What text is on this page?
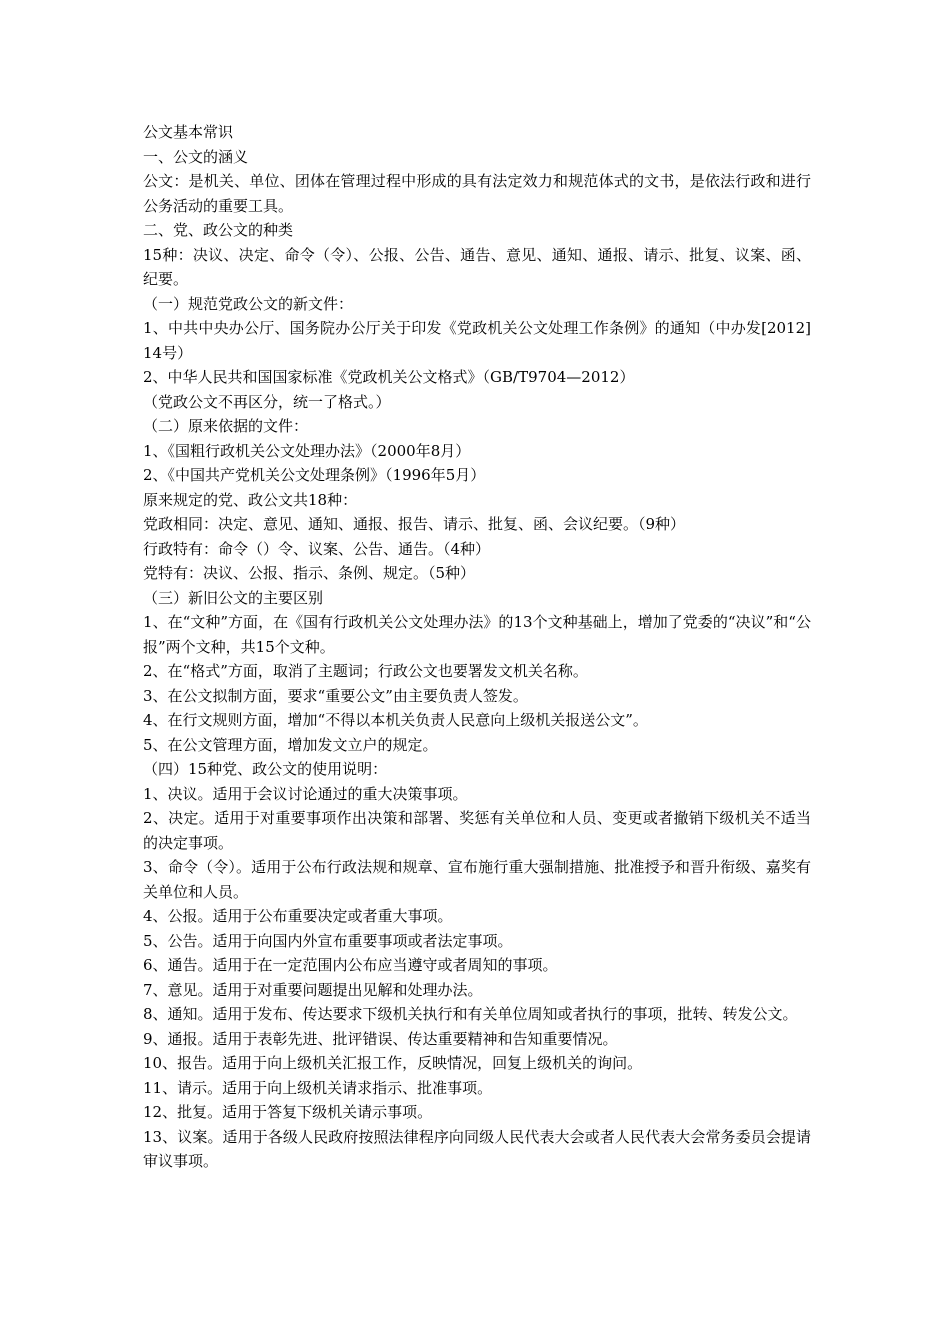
公文基本常识

一、公文的涵义

公文：是机关、单位、团体在管理过程中形成的具有法定效力和规范体式的文书，是依法行政和进行公务活动的重要工具。

二、党、政公文的种类

15种：决议、决定、命令（令）、公报、公告、通告、意见、通知、通报、请示、批复、议案、函、纪要。

（一）规范党政公文的新文件：

1、中共中央办公厅、国务院办公厅关于印发《党政机关公文处理工作条例》的通知（中办发[2012]14号）

2、中华人民共和国国家标准《党政机关公文格式》（GB/T9704—2012）

（党政公文不再区分，统一了格式。）

（二）原来依据的文件：

1、《国粗行政机关公文处理办法》（2000年8月）

2、《中国共产党机关公文处理条例》（1996年5月）

原来规定的党、政公文共18种：

党政相同：决定、意见、通知、通报、报告、请示、批复、函、会议纪要。（9种）

行政特有：命令（）令、议案、公告、通告。（4种）

党特有：决议、公报、指示、条例、规定。（5种）

（三）新旧公文的主要区别

1、在“文种”方面，在《国有行政机关公文处理办法》的13个文种基础上，增加了党委的“决议”和“公报”两个文种，共15个文种。

2、在“格式”方面，取消了主题词；行政公文也要署发文机关名称。

3、在公文拟制方面，要求“重要公文”由主要负责人签发。

4、在行文规则方面，增加“不得以本机关负责人民意向上级机关报送公文”。

5、在公文管理方面，增加发文立户的规定。

（四）15种党、政公文的使用说明：

1、决议。适用于会议讨论通过的重大决策事项。

2、决定。适用于对重要事项作出决策和部署、奖惩有关单位和人员、变更或者撤销下级机关不适当的决定事项。

3、命令（令）。适用于公布行政法规和规章、宣布施行重大强制措施、批准授予和晋升衔级、嘉奖有关单位和人员。

4、公报。适用于公布重要决定或者重大事项。

5、公告。适用于向国内外宣布重要事项或者法定事项。

6、通告。适用于在一定范围内公布应当遵守或者周知的事项。

7、意见。适用于对重要问题提出见解和处理办法。

8、通知。适用于发布、传达要求下级机关执行和有关单位周知或者执行的事项，批转、转发公文。

9、通报。适用于表彰先进、批评错误、传达重要精神和告知重要情况。

10、报告。适用于向上级机关汇报工作，反映情况，回复上级机关的询问。

11、请示。适用于向上级机关请求指示、批准事项。

12、批复。适用于答复下级机关请示事项。

13、议案。适用于各级人民政府按照法律程序向同级人民代表大会或者人民代表大会常务委员会提请审议事项。
